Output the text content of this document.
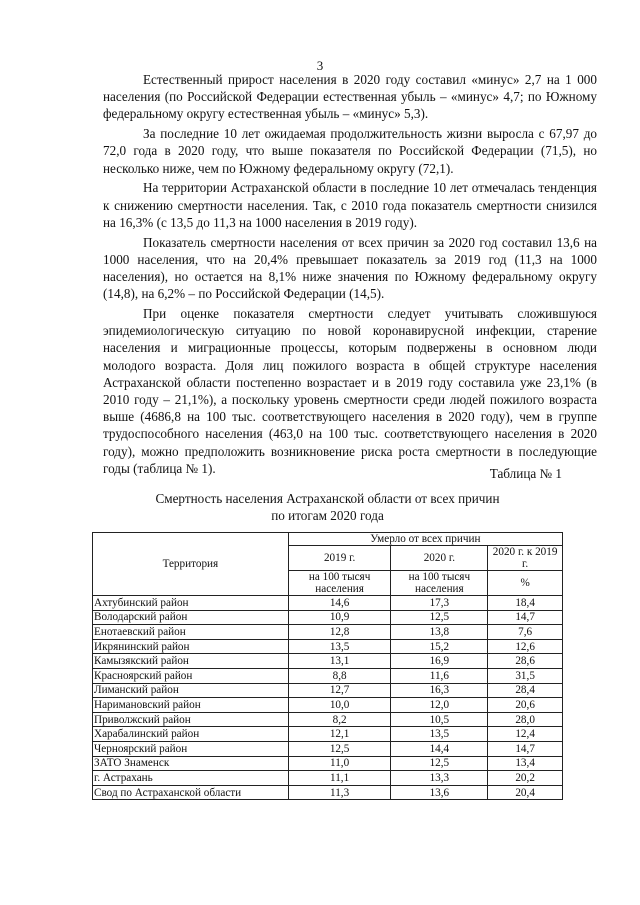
3

Естественный прирост населения в 2020 году составил «минус» 2,7 на 1 000 населения (по Российской Федерации естественная убыль – «минус» 4,7; по Южному федеральному округу естественная убыль – «минус» 5,3).

За последние 10 лет ожидаемая продолжительность жизни выросла с 67,97 до 72,0 года в 2020 году, что выше показателя по Российской Федерации (71,5), но несколько ниже, чем по Южному федеральному округу (72,1).

На территории Астраханской области в последние 10 лет отмечалась тенденция к снижению смертности населения. Так, с 2010 года показатель смертности снизился на 16,3% (с 13,5 до 11,3 на 1000 населения в 2019 году).

Показатель смертности населения от всех причин за 2020 год составил 13,6 на 1000 населения, что на 20,4% превышает показатель за 2019 год (11,3 на 1000 населения), но остается на 8,1% ниже значения по Южному федеральному округу (14,8), на 6,2% – по Российской Федерации (14,5).

При оценке показателя смертности следует учитывать сложившуюся эпидемиологическую ситуацию по новой коронавирусной инфекции, старение населения и миграционные процессы, которым подвержены в основном люди молодого возраста. Доля лиц пожилого возраста в общей структуре населения Астраханской области постепенно возрастает и в 2019 году составила уже 23,1% (в 2010 году – 21,1%), а поскольку уровень смертности среди людей пожилого возраста выше (4686,8 на 100 тыс. соответствующего населения в 2020 году), чем в группе трудоспособного населения (463,0 на 100 тыс. соответствующего населения в 2020 году), можно предположить возникновение риска роста смертности в последующие годы (таблица № 1).	Таблица № 1
Смертность населения Астраханской области от всех причин по итогам 2020 года
Территория	Умерло от всех причин		
	2019 г.	2020 г.	2020 г. к 2019 г.
	на 100 тысяч населения	на 100 тысяч населения	%
Ахтубинский район	14,6	17,3	18,4
Володарский район	10,9	12,5	14,7
Енотаевский район	12,8	13,8	7,6
Икрянинский район	13,5	15,2	12,6
Камызякский район	13,1	16,9	28,6
Красноярский район	8,8	11,6	31,5
Лиманский район	12,7	16,3	28,4
Наримановский район	10,0	12,0	20,6
Приволжский район	8,2	10,5	28,0
Харабалинский район	12,1	13,5	12,4
Черноярский район	12,5	14,4	14,7
ЗАТО Знаменск	11,0	12,5	13,4
г. Астрахань	11,1	13,3	20,2
Свод по Астраханской области	11,3	13,6	20,4
